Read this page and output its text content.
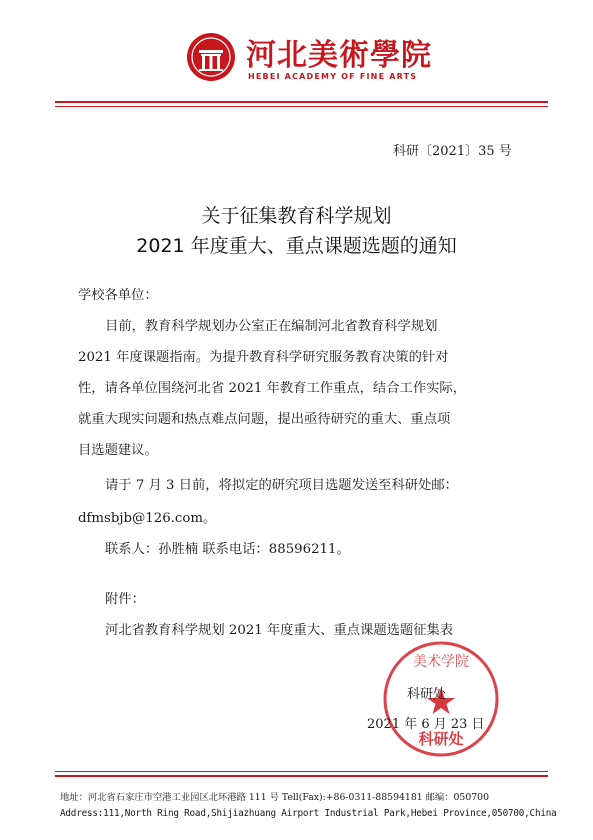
河北美術學院
HEBEI ACADEMY OF FINE ARTS
科研〔2021〕35 号
关于征集教育科学规划
2021 年度重大、重点课题选题的通知
学校各单位：
目前，教育科学规划办公室正在编制河北省教育科学规划
2021 年度课题指南。为提升教育科学研究服务教育决策的针对
性，请各单位围绕河北省 2021 年教育工作重点，结合工作实际，
就重大现实问题和热点难点问题，提出亟待研究的重大、重点项
目选题建议。
请于 7 月 3 日前，将拟定的研究项目选题发送至科研处邮：
dfmsbjb@126.com。
联系人：孙胜楠 联系电话：88596211。
附件：
河北省教育科学规划 2021 年度重大、重点课题选题征集表
美术学院
科研处
科研处
2021 年 6 月 23 日
地址：河北省石家庄市空港工业园区北环港路 111 号 Tell(Fax):+86-0311-88594181 邮编：050700
Address:111,North Ring Road,Shijiazhuang Airport Industrial Park,Hebei Province,050700,China
